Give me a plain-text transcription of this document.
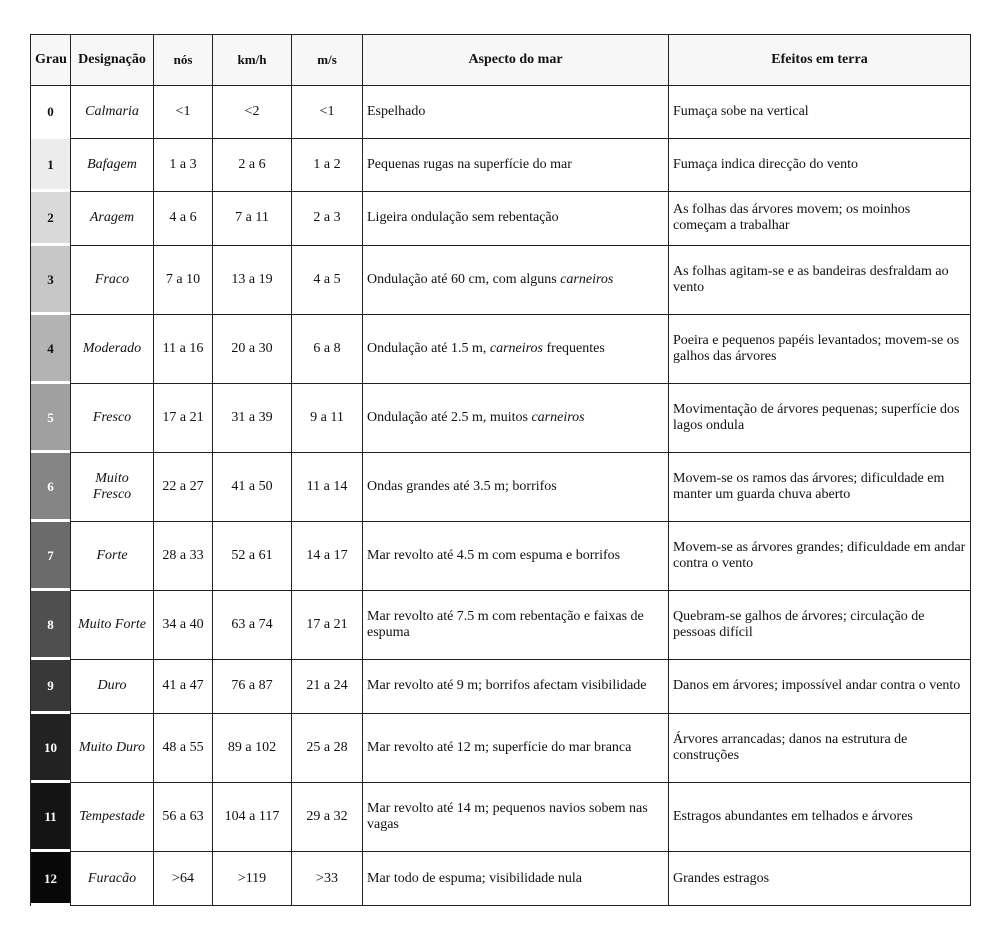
Grau	Designação	nós	km/h	m/s	Aspecto do mar	Efeitos em terra
0	Calmaria	<1	<2	<1	Espelhado	Fumaça sobe na vertical
1	Bafagem	1 a 3	2 a 6	1 a 2	Pequenas rugas na superfície do mar	Fumaça indica direcção do vento
2	Aragem	4 a 6	7 a 11	2 a 3	Ligeira ondulação sem rebentação	As folhas das árvores movem; os moinhos começam a trabalhar
3	Fraco	7 a 10	13 a 19	4 a 5	Ondulação até 60 cm, com alguns carneiros	As folhas agitam-se e as bandeiras desfraldam ao vento
4	Moderado	11 a 16	20 a 30	6 a 8	Ondulação até 1.5 m, carneiros frequentes	Poeira e pequenos papéis levantados; movem-se os galhos das árvores
5	Fresco	17 a 21	31 a 39	9 a 11	Ondulação até 2.5 m, muitos carneiros	Movimentação de árvores pequenas; superfície dos lagos ondula
6	Muito Fresco	22 a 27	41 a 50	11 a 14	Ondas grandes até 3.5 m; borrifos	Movem-se os ramos das árvores; dificuldade em manter um guarda chuva aberto
7	Forte	28 a 33	52 a 61	14 a 17	Mar revolto até 4.5 m com espuma e borrifos	Movem-se as árvores grandes; dificuldade em andar contra o vento
8	Muito Forte	34 a 40	63 a 74	17 a 21	Mar revolto até 7.5 m com rebentação e faixas de espuma	Quebram-se galhos de árvores; circulação de pessoas difícil
9	Duro	41 a 47	76 a 87	21 a 24	Mar revolto até 9 m; borrifos afectam visibilidade	Danos em árvores; impossível andar contra o vento
10	Muito Duro	48 a 55	89 a 102	25 a 28	Mar revolto até 12 m; superfície do mar branca	Árvores arrancadas; danos na estrutura de construções
11	Tempestade	56 a 63	104 a 117	29 a 32	Mar revolto até 14 m; pequenos navios sobem nas vagas	Estragos abundantes em telhados e árvores
12	Furacão	>64	>119	>33	Mar todo de espuma; visibilidade nula	Grandes estragos
